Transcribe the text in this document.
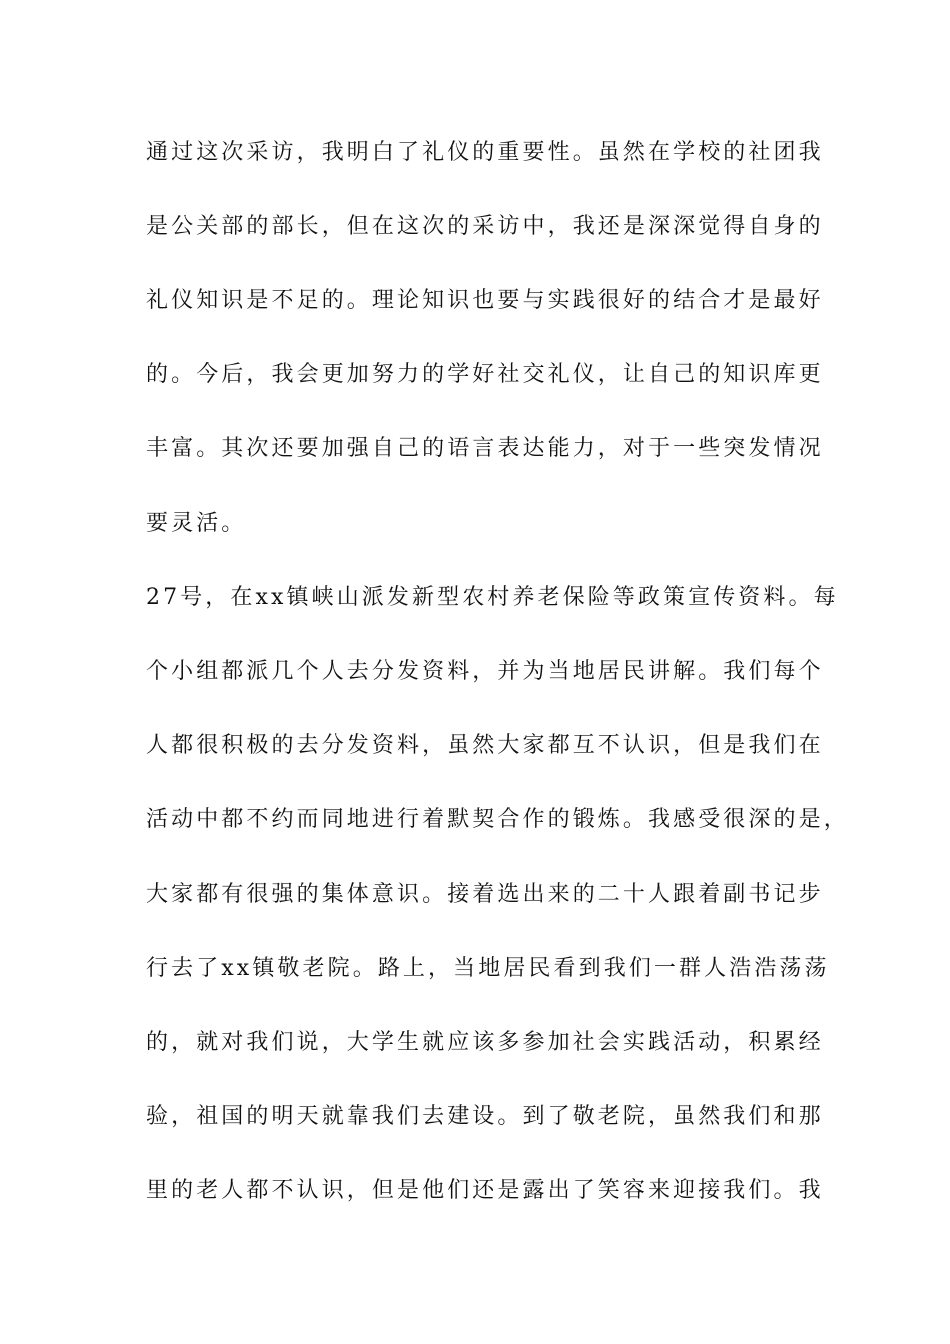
通过这次采访，我明白了礼仪的重要性。虽然在学校的社团我

是公关部的部长，但在这次的采访中，我还是深深觉得自身的

礼仪知识是不足的。理论知识也要与实践很好的结合才是最好

的。今后，我会更加努力的学好社交礼仪，让自己的知识库更

丰富。其次还要加强自己的语言表达能力，对于一些突发情况

要灵活。

27号，在xx镇峡山派发新型农村养老保险等政策宣传资料。每

个小组都派几个人去分发资料，并为当地居民讲解。我们每个

人都很积极的去分发资料，虽然大家都互不认识，但是我们在

活动中都不约而同地进行着默契合作的锻炼。我感受很深的是，

大家都有很强的集体意识。接着选出来的二十人跟着副书记步

行去了xx镇敬老院。路上，当地居民看到我们一群人浩浩荡荡

的，就对我们说，大学生就应该多参加社会实践活动，积累经

验，祖国的明天就靠我们去建设。到了敬老院，虽然我们和那

里的老人都不认识，但是他们还是露出了笑容来迎接我们。我
